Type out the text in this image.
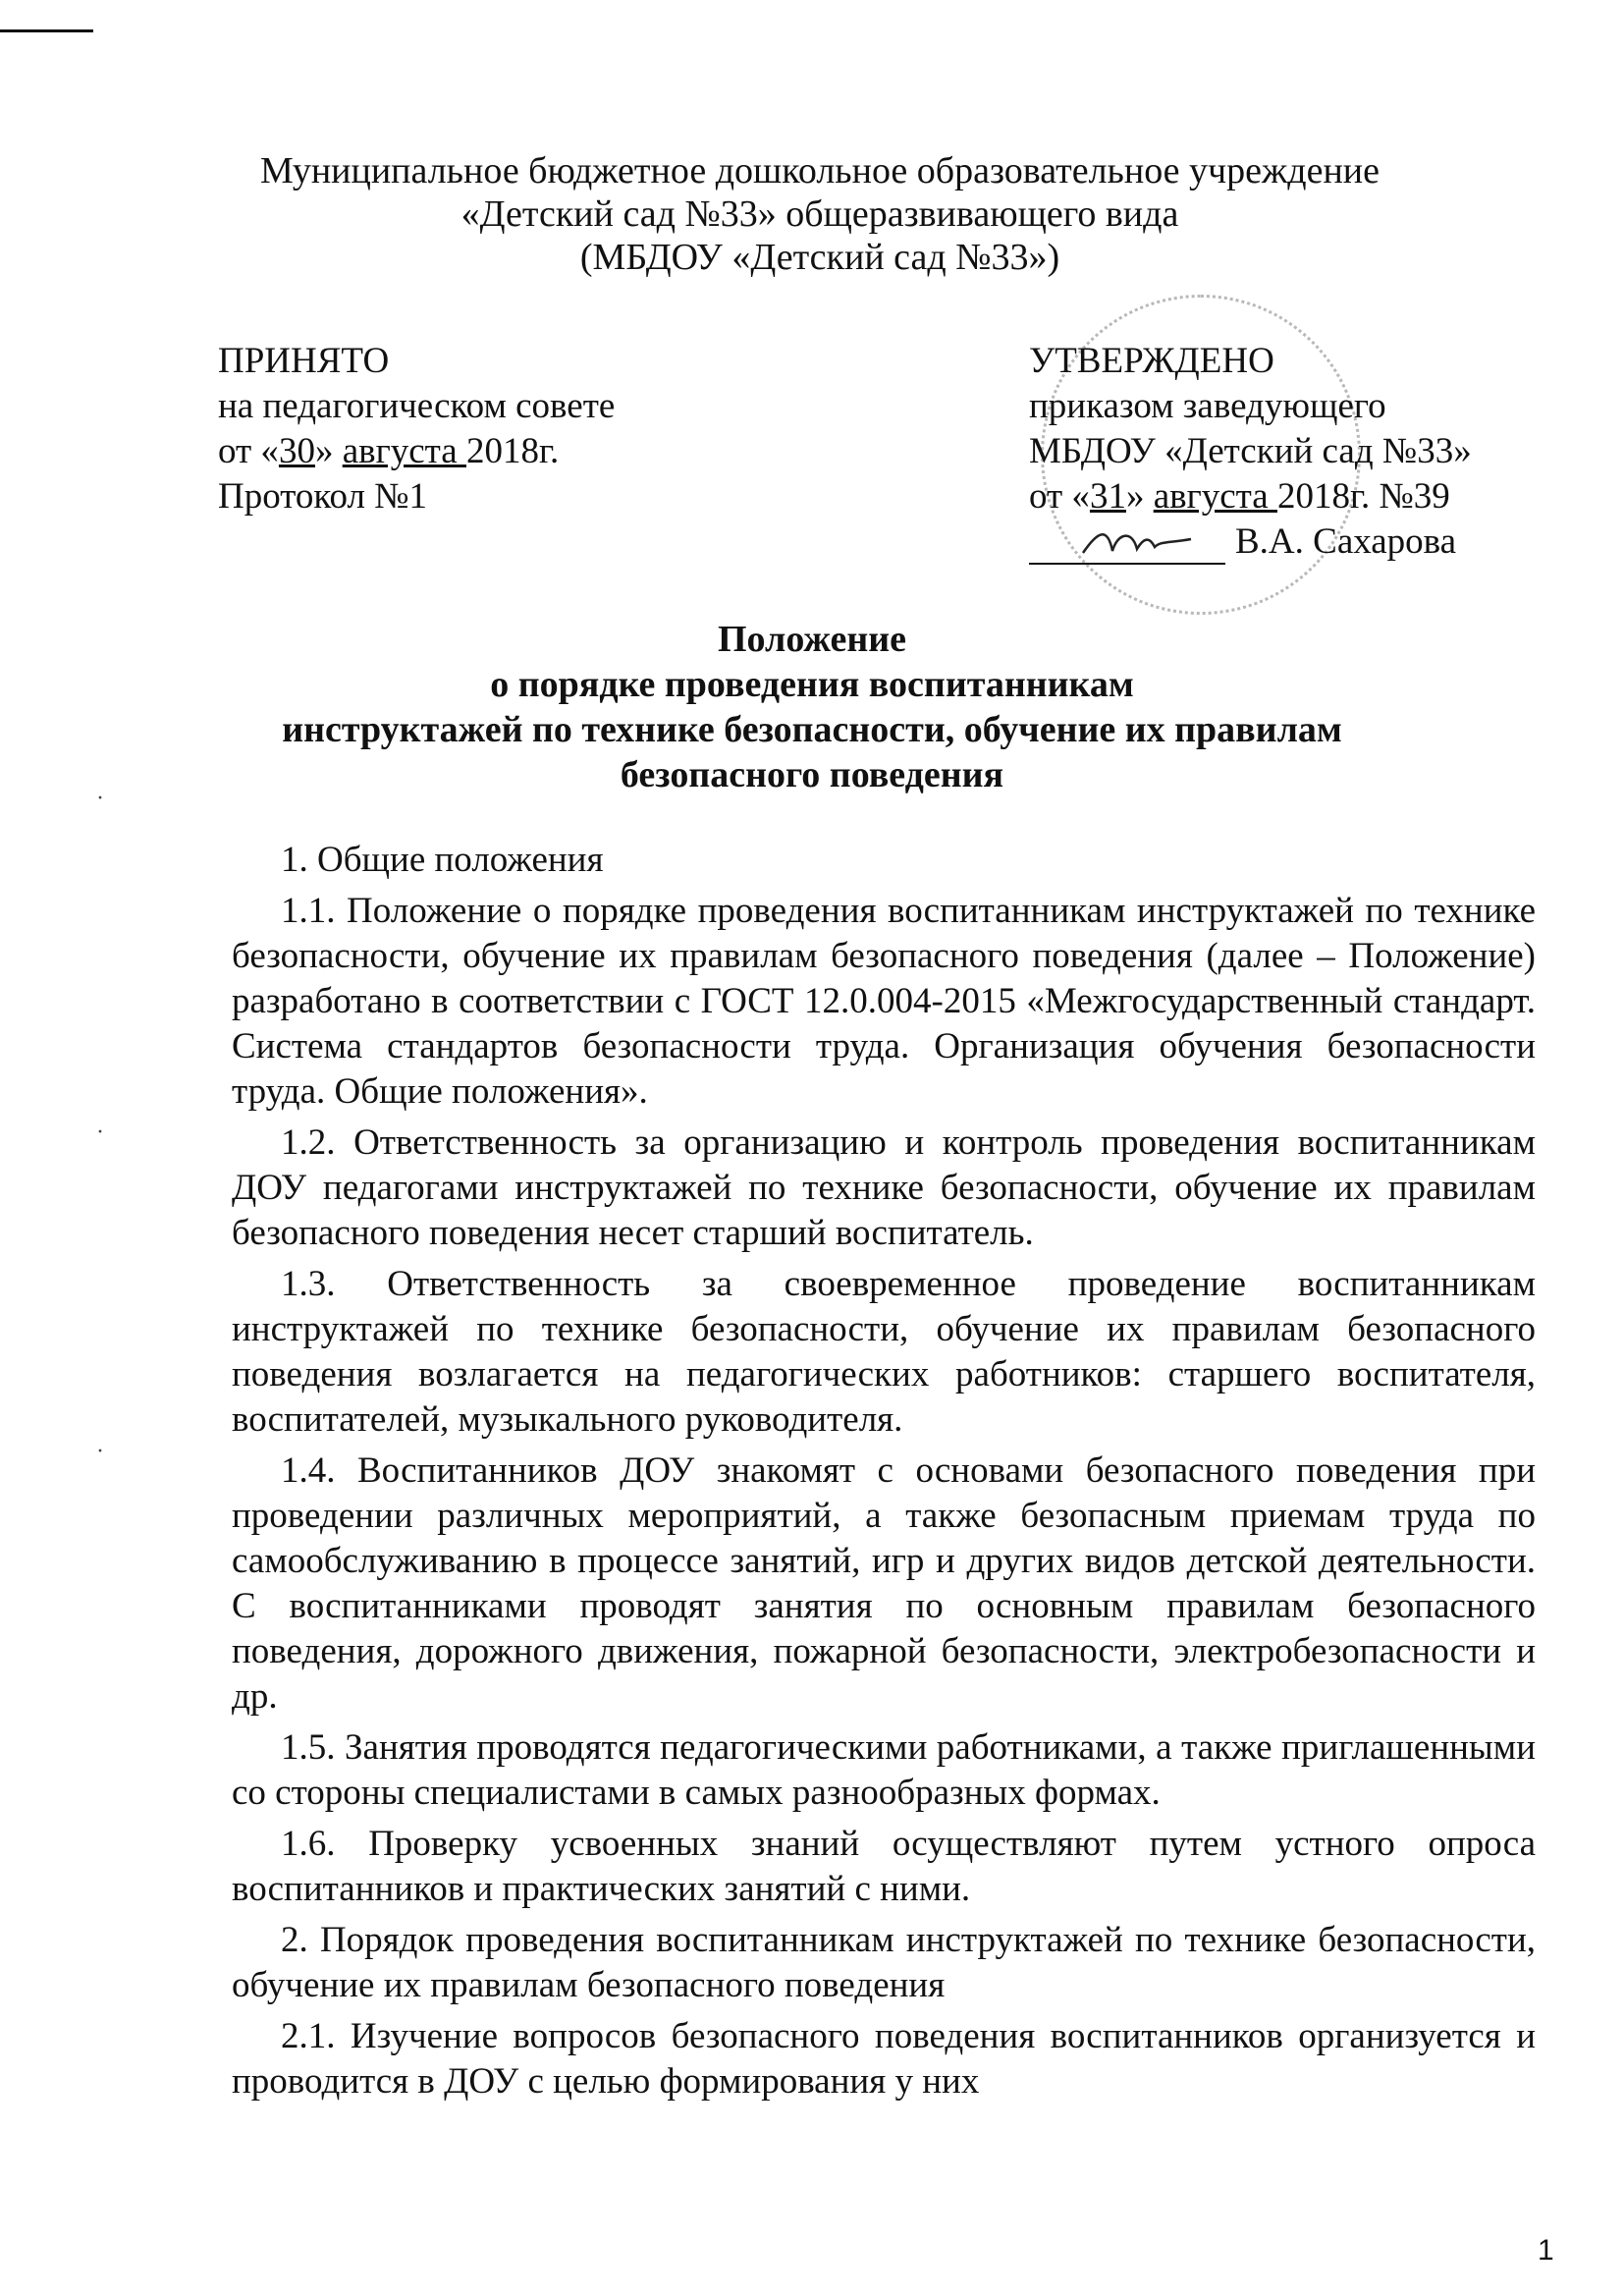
·
·
·
Муниципальное бюджетное дошкольное образовательное учреждение
«Детский сад №33» общеразвивающего вида
(МБДОУ «Детский сад №33»)
ПРИНЯТО
на педагогическом совете
от «30» августа 2018г.
Протокол №1
УТВЕРЖДЕНО
приказом заведующего
МБДОУ «Детский сад №33»
от «31» августа 2018г. №39
В.А. Сахарова
Положение
о порядке проведения воспитанникам
инструктажей по технике безопасности, обучение их правилам
безопасного поведения

1. Общие положения

1.1. Положение о порядке проведения воспитанникам инструктажей по технике безопасности, обучение их правилам безопасного поведения (далее – Положение) разработано в соответствии с ГОСТ 12.0.004-2015 «Межгосударственный стандарт. Система стандартов безопасности труда. Организация обучения безопасности труда. Общие положения».

1.2. Ответственность за организацию и контроль проведения воспитанникам ДОУ педагогами инструктажей по технике безопасности, обучение их правилам безопасного поведения несет старший воспитатель.

1.3. Ответственность за своевременное проведение воспитанникам инструктажей по технике безопасности, обучение их правилам безопасного поведения возлагается на педагогических работников: старшего воспитателя, воспитателей, музыкального руководителя.

1.4. Воспитанников ДОУ знакомят с основами безопасного поведения при проведении различных мероприятий, а также безопасным приемам труда по самообслуживанию в процессе занятий, игр и других видов детской деятельности. С воспитанниками проводят занятия по основным правилам безопасного поведения, дорожного движения, пожарной безопасности, электробезопасности и др.

1.5. Занятия проводятся педагогическими работниками, а также приглашенными со стороны специалистами в самых разнообразных формах.

1.6. Проверку усвоенных знаний осуществляют путем устного опроса воспитанников и практических занятий с ними.

2. Порядок проведения воспитанникам инструктажей по технике безопасности, обучение их правилам безопасного поведения

2.1. Изучение вопросов безопасного поведения воспитанников организуется и проводится в ДОУ с целью формирования у них

1
